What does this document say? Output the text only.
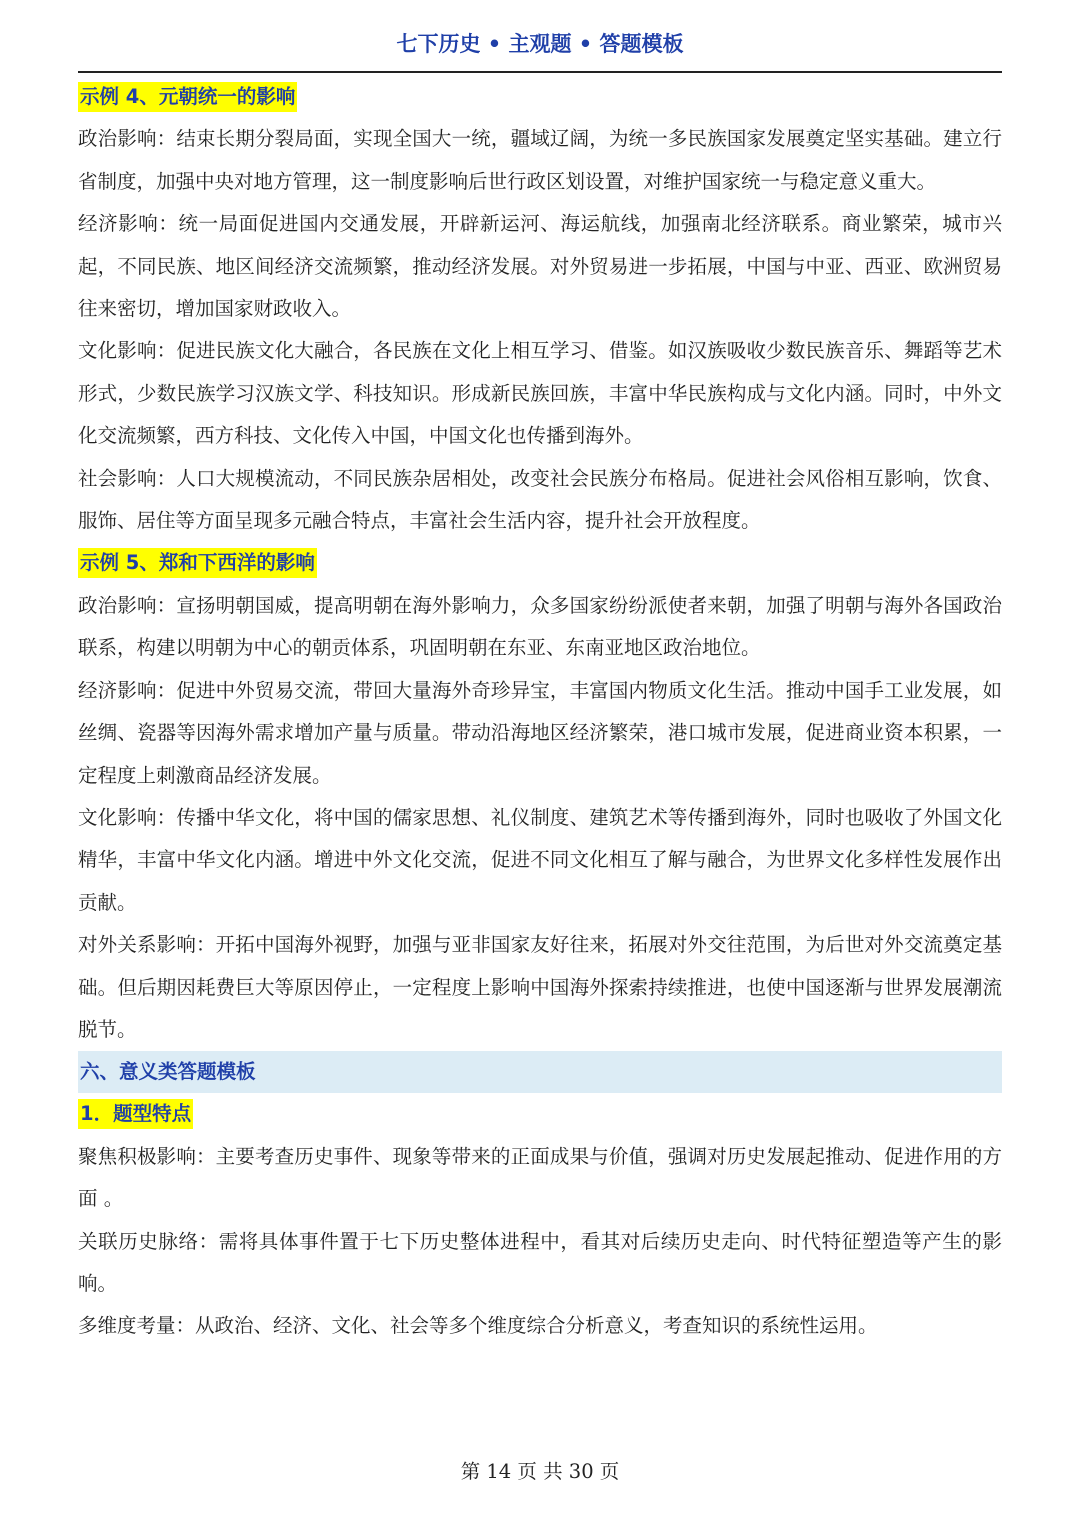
七下历史 • 主观题 • 答题模板
示例 4、元朝统一的影响

政治影响：结束长期分裂局面，实现全国大一统，疆域辽阔，为统一多民族国家发展奠定坚实基础。建立行省制度，加强中央对地方管理，这一制度影响后世行政区划设置，对维护国家统一与稳定意义重大。

经济影响：统一局面促进国内交通发展，开辟新运河、海运航线，加强南北经济联系。商业繁荣，城市兴起，不同民族、地区间经济交流频繁，推动经济发展。对外贸易进一步拓展，中国与中亚、西亚、欧洲贸易往来密切，增加国家财政收入。

文化影响：促进民族文化大融合，各民族在文化上相互学习、借鉴。如汉族吸收少数民族音乐、舞蹈等艺术形式，少数民族学习汉族文学、科技知识。形成新民族回族，丰富中华民族构成与文化内涵。同时，中外文化交流频繁，西方科技、文化传入中国，中国文化也传播到海外。

社会影响：人口大规模流动，不同民族杂居相处，改变社会民族分布格局。促进社会风俗相互影响，饮食、服饰、居住等方面呈现多元融合特点，丰富社会生活内容，提升社会开放程度。

示例 5、郑和下西洋的影响

政治影响：宣扬明朝国威，提高明朝在海外影响力，众多国家纷纷派使者来朝，加强了明朝与海外各国政治联系，构建以明朝为中心的朝贡体系，巩固明朝在东亚、东南亚地区政治地位。

经济影响：促进中外贸易交流，带回大量海外奇珍异宝，丰富国内物质文化生活。推动中国手工业发展，如丝绸、瓷器等因海外需求增加产量与质量。带动沿海地区经济繁荣，港口城市发展，促进商业资本积累，一定程度上刺激商品经济发展。

文化影响：传播中华文化，将中国的儒家思想、礼仪制度、建筑艺术等传播到海外，同时也吸收了外国文化精华，丰富中华文化内涵。增进中外文化交流，促进不同文化相互了解与融合，为世界文化多样性发展作出贡献。

对外关系影响：开拓中国海外视野，加强与亚非国家友好往来，拓展对外交往范围，为后世对外交流奠定基础。但后期因耗费巨大等原因停止，一定程度上影响中国海外探索持续推进，也使中国逐渐与世界发展潮流脱节。

六、意义类答题模板
1．题型特点

聚焦积极影响：主要考查历史事件、现象等带来的正面成果与价值，强调对历史发展起推动、促进作用的方面 。

关联历史脉络：需将具体事件置于七下历史整体进程中，看其对后续历史走向、时代特征塑造等产生的影响。

多维度考量：从政治、经济、文化、社会等多个维度综合分析意义，考查知识的系统性运用。

第 14 页 共 30 页
